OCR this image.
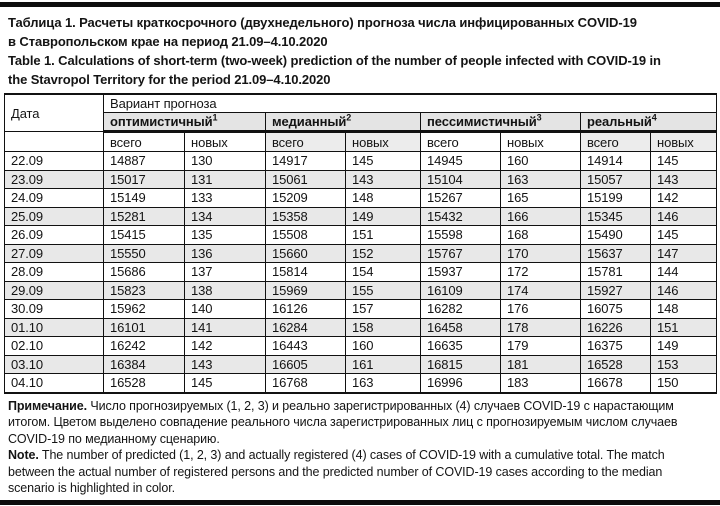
Таблица 1. Расчеты краткосрочного (двухнедельного) прогноза числа инфицированных COVID-19
в Ставропольском крае на период 21.09–4.10.2020
Table 1. Calculations of short-term (two-week) prediction of the number of people infected with COVID-19 in
the Stavropol Territory for the period 21.09–4.10.2020
Дата	Вариант прогноза							
	оптимистичный$^1$		медианный$^2$		пессимистичный$^3$		реальный$^4$
	всего	новых	всего	новых	всего	новых	всего	новых
22.09	14887	130	14917	145	14945	160	14914	145
23.09	15017	131	15061	143	15104	163	15057	143
24.09	15149	133	15209	148	15267	165	15199	142
25.09	15281	134	15358	149	15432	166	15345	146
26.09	15415	135	15508	151	15598	168	15490	145
27.09	15550	136	15660	152	15767	170	15637	147
28.09	15686	137	15814	154	15937	172	15781	144
29.09	15823	138	15969	155	16109	174	15927	146
30.09	15962	140	16126	157	16282	176	16075	148
01.10	16101	141	16284	158	16458	178	16226	151
02.10	16242	142	16443	160	16635	179	16375	149
03.10	16384	143	16605	161	16815	181	16528	153
04.10	16528	145	16768	163	16996	183	16678	150
Примечание. Число прогнозируемых (1, 2, 3) и реально зарегистрированных (4) случаев COVID-19 с нарастающим итогом. Цветом выделено совпадение реального числа зарегистрированных лиц с прогнозируемым числом случаев COVID-19 по медианному сценарию.
Note. The number of predicted (1, 2, 3) and actually registered (4) cases of COVID-19 with a cumulative total. The match between the actual number of registered persons and the predicted number of COVID-19 cases according to the median scenario is highlighted in color.
